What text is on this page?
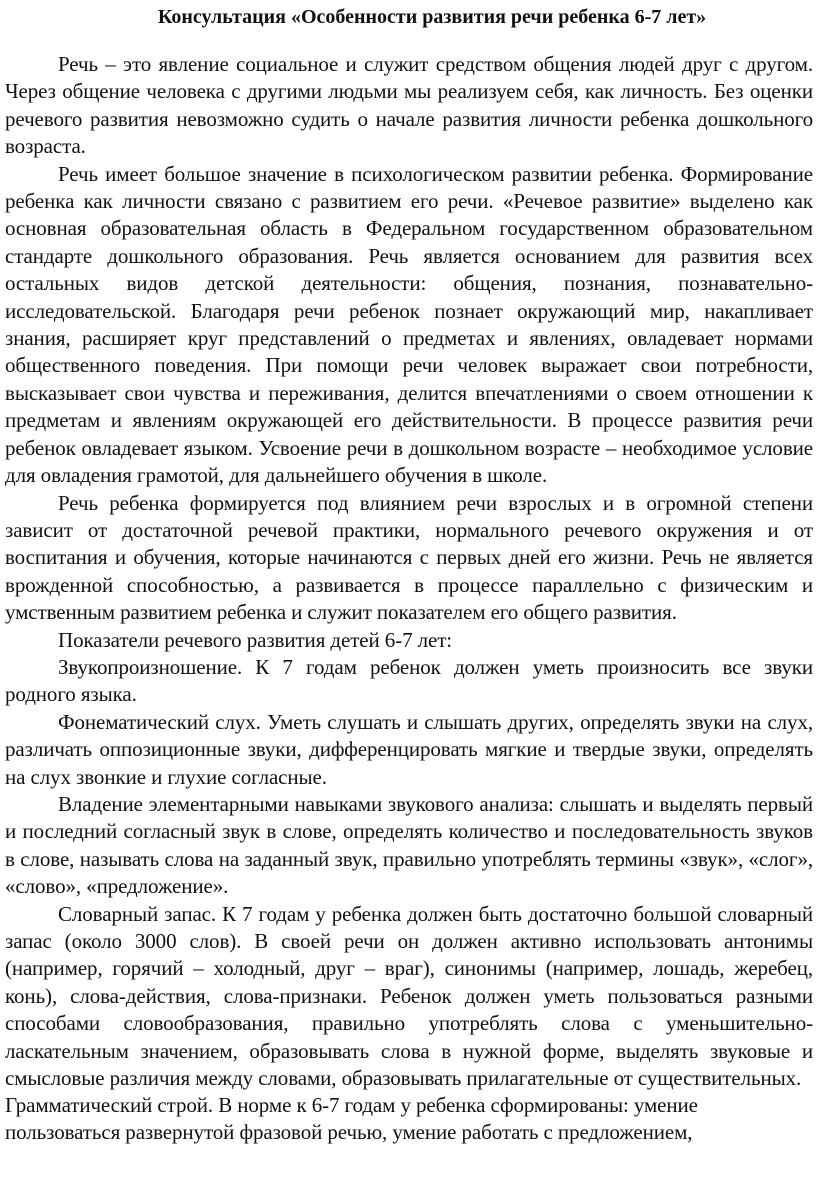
Консультация «Особенности развития речи ребенка 6-7 лет»

Речь – это явление социальное и служит средством общения людей друг с другом. Через общение человека с другими людьми мы реализуем себя, как личность. Без оценки речевого развития невозможно судить о начале развития личности ребенка дошкольного возраста.

Речь имеет большое значение в психологическом развитии ребенка. Формирование ребенка как личности связано с развитием его речи. «Речевое развитие» выделено как основная образовательная область в Федеральном государственном образовательном стандарте дошкольного образования. Речь является основанием для развития всех остальных видов детской деятельности: общения, познания, познавательно-исследовательской. Благодаря речи ребенок познает окружающий мир, накапливает знания, расширяет круг представлений о предметах и явлениях, овладевает нормами общественного поведения. При помощи речи человек выражает свои потребности, высказывает свои чувства и переживания, делится впечатлениями о своем отношении к предметам и явлениям окружающей его действительности. В процессе развития речи ребенок овладевает языком. Усвоение речи в дошкольном возрасте – необходимое условие для овладения грамотой, для дальнейшего обучения в школе.

Речь ребенка формируется под влиянием речи взрослых и в огромной степени зависит от достаточной речевой практики, нормального речевого окружения и от воспитания и обучения, которые начинаются с первых дней его жизни. Речь не является врожденной способностью, а развивается в процессе параллельно с физическим и умственным развитием ребенка и служит показателем его общего развития.

Показатели речевого развития детей 6-7 лет:

Звукопроизношение. К 7 годам ребенок должен уметь произносить все звуки родного языка.

Фонематический слух. Уметь слушать и слышать других, определять звуки на слух, различать оппозиционные звуки, дифференцировать мягкие и твердые звуки, определять на слух звонкие и глухие согласные.

Владение элементарными навыками звукового анализа: слышать и выделять первый и последний согласный звук в слове, определять количество и последовательность звуков в слове, называть слова на заданный звук, правильно употреблять термины «звук», «слог», «слово», «предложение».

Словарный запас. К 7 годам у ребенка должен быть достаточно большой словарный запас (около 3000 слов). В своей речи он должен активно использовать антонимы (например, горячий – холодный, друг – враг), синонимы (например, лошадь, жеребец, конь), слова-действия, слова-признаки. Ребенок должен уметь пользоваться разными способами словообразования, правильно употреблять слова с уменьшительно-ласкательным значением, образовывать слова в нужной форме, выделять звуковые и смысловые различия между словами, образовывать прилагательные от существительных.

Грамматический строй. В норме к 6-7 годам у ребенка сформированы: умение

пользоваться развернутой фразовой речью, умение работать с предложением,
